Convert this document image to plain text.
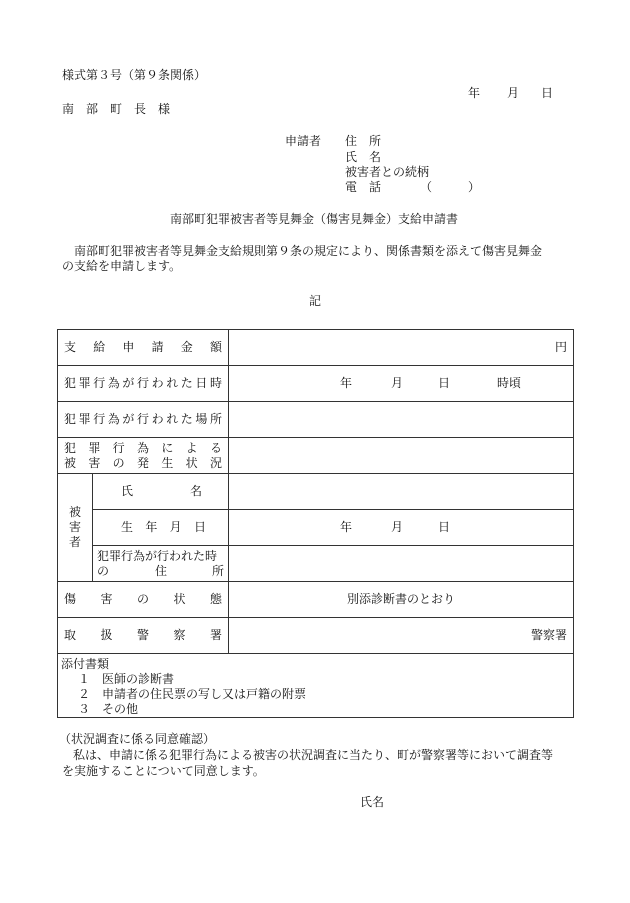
様式第３号（第９条関係）
年 月 日
南　部　町　長　様
申請者 住　所
氏　名
被害者との続柄
電　話	（　　　）
南部町犯罪被害者等見舞金（傷害見舞金）支給申請書
南部町犯罪被害者等見舞金支給規則第９条の規定により、関係書類を添えて傷害見舞金
の支給を申請します。
記
支給申請金額		円
犯罪行為が行われた日時		年 月 日 時頃

犯罪行為が行われた場所		

犯罪行為による
被害の発生状況		

被
害
者	氏名	

	生年月日	年 月 日

	犯罪行為が行われた時
の 住 所	

傷害の状態		別添診断書のとおり
取扱警察署		警察署

添付書類
１　医師の診断書
２　申請者の住民票の写し又は戸籍の附票
３　その他		
（状況調査に係る同意確認）
私は、申請に係る犯罪行為による被害の状況調査に当たり、町が警察署等において調査等
を実施することについて同意します。
氏名
